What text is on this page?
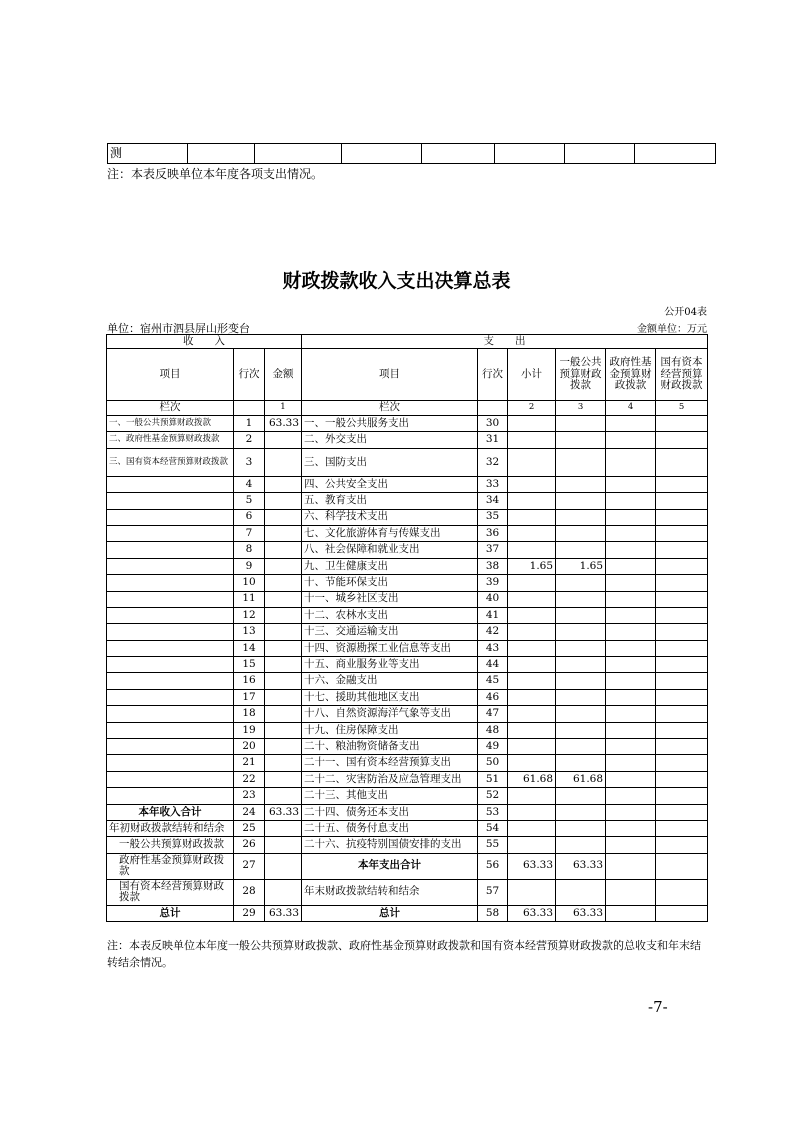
测							
注：本表反映单位本年度各项支出情况。
财政拨款收入支出决算总表
公开04表
单位：宿州市泗县屏山形变台	金额单位：万元
收　　入			支　　出					
项目	行次	金额	项目	行次	小计	一般公共预算财政拨款	政府性基金预算财政拨款	国有资本经营预算财政拨款
栏次		1	栏次		2	3	4	5
一、一般公共预算财政拨款	1	63.33	一、一般公共服务支出	30				
二、政府性基金预算财政拨款	2		二、外交支出	31				
三、国有资本经营预算财政拨款	3		三、国防支出	32				
	4		四、公共安全支出	33				
	5		五、教育支出	34				
	6		六、科学技术支出	35				
	7		七、文化旅游体育与传媒支出	36				
	8		八、社会保障和就业支出	37				
	9		九、卫生健康支出	38	1.65	1.65		
	10		十、节能环保支出	39				
	11		十一、城乡社区支出	40				
	12		十二、农林水支出	41				
	13		十三、交通运输支出	42				
	14		十四、资源勘探工业信息等支出	43				
	15		十五、商业服务业等支出	44				
	16		十六、金融支出	45				
	17		十七、援助其他地区支出	46				
	18		十八、自然资源海洋气象等支出	47				
	19		十九、住房保障支出	48				
	20		二十、粮油物资储备支出	49				
	21		二十一、国有资本经营预算支出	50				
	22		二十二、灾害防治及应急管理支出	51	61.68	61.68		
	23		二十三、其他支出	52				
本年收入合计	24	63.33	二十四、债务还本支出	53				
年初财政拨款结转和结余	25		二十五、债务付息支出	54				
一般公共预算财政拨款	26		二十六、抗疫特别国债安排的支出	55				
政府性基金预算财政拨款	27		本年支出合计	56	63.33	63.33		
国有资本经营预算财政拨款	28		年末财政拨款结转和结余	57				
总计	29	63.33	总计	58	63.33	63.33		
注：本表反映单位本年度一般公共预算财政拨款、政府性基金预算财政拨款和国有资本经营预算财政拨款的总收支和年末结转结余情况。
-7-
